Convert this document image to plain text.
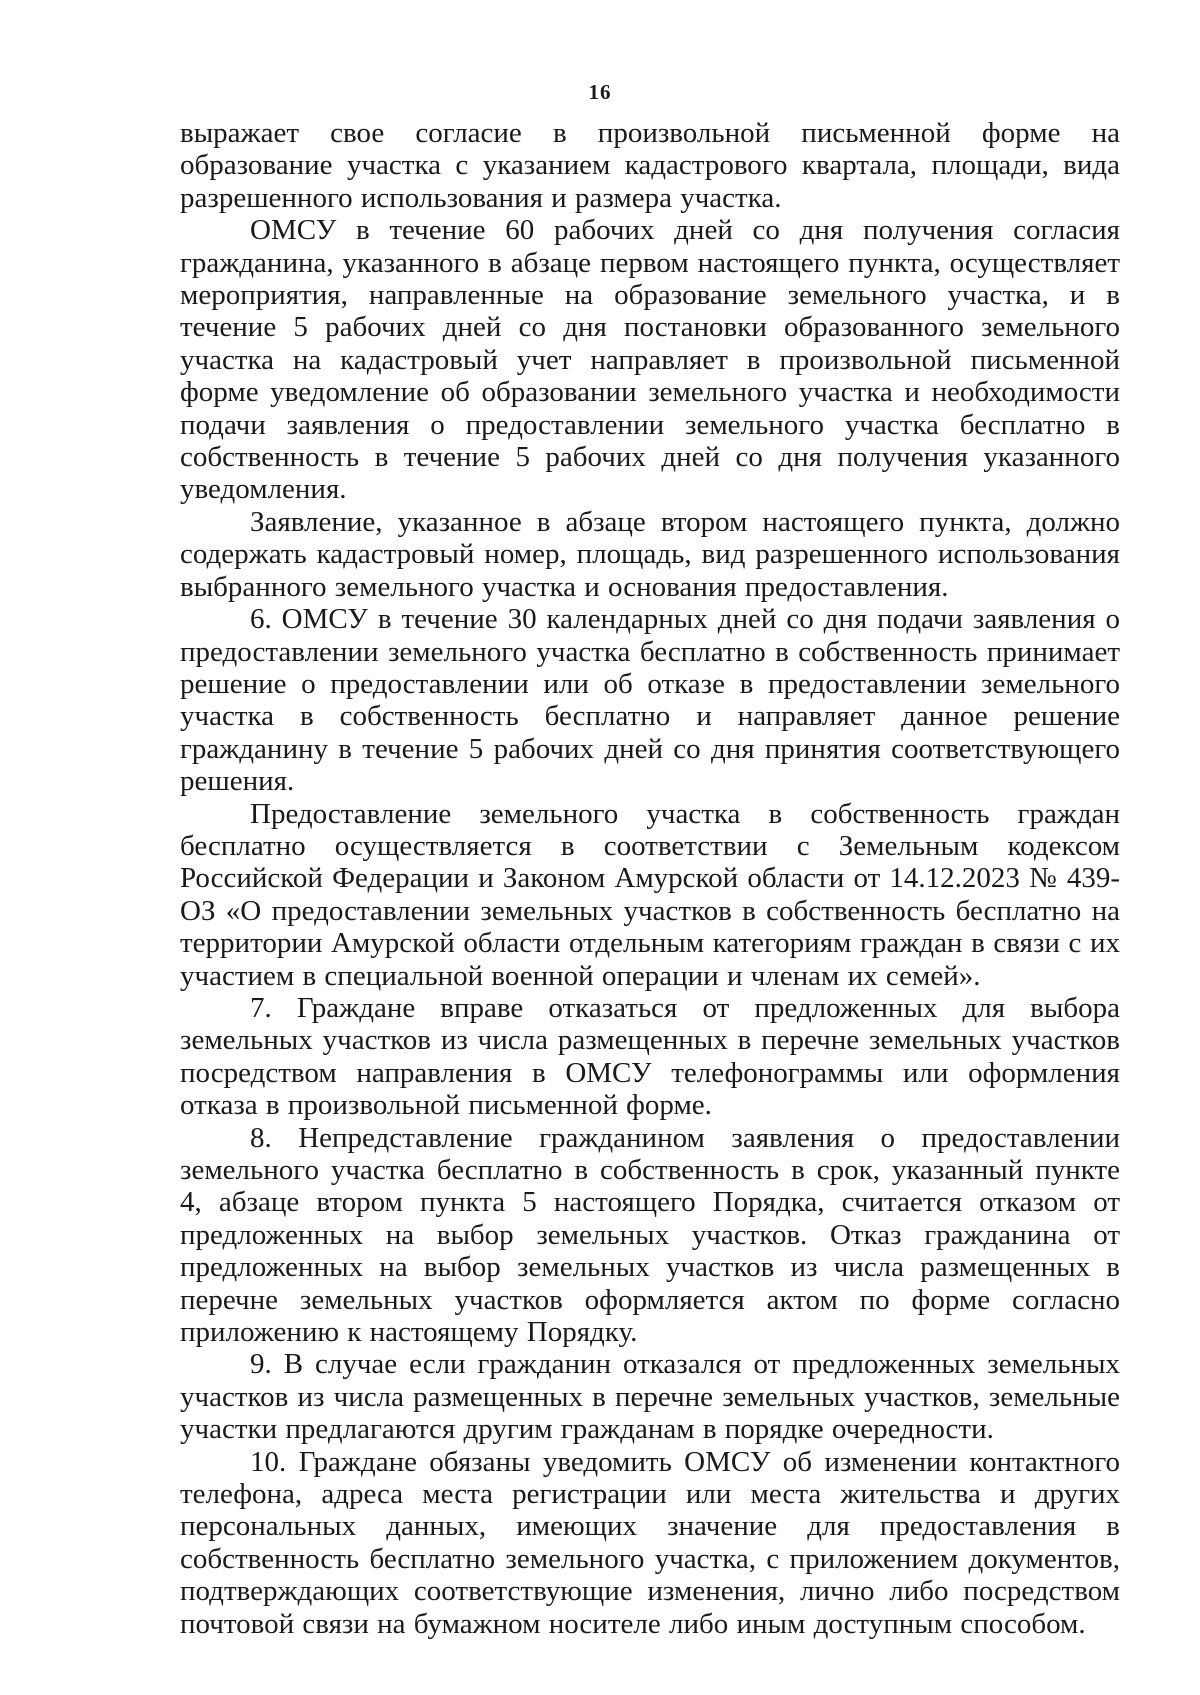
16

выражает свое согласие в произвольной письменной форме на образование участка с указанием кадастрового квартала, площади, вида разрешенного использования и размера участка.

ОМСУ в течение 60 рабочих дней со дня получения согласия гражданина, указанного в абзаце первом настоящего пункта, осуществляет мероприятия, направленные на образование земельного участка, и в течение 5 рабочих дней со дня постановки образованного земельного участка на кадастровый учет направляет в произвольной письменной форме уведомление об образовании земельного участка и необходимости подачи заявления о предоставлении земельного участка бесплатно в собственность в течение 5 рабочих дней со дня получения указанного уведомления.

Заявление, указанное в абзаце втором настоящего пункта, должно содержать кадастровый номер, площадь, вид разрешенного использования выбранного земельного участка и основания предоставления.

6. ОМСУ в течение 30 календарных дней со дня подачи заявления о предоставлении земельного участка бесплатно в собственность принимает решение о предоставлении или об отказе в предоставлении земельного участка в собственность бесплатно и направляет данное решение гражданину в течение 5 рабочих дней со дня принятия соответствующего решения.

Предоставление земельного участка в собственность граждан бесплатно осуществляется в соответствии с Земельным кодексом Российской Федерации и Законом Амурской области от 14.12.2023 № 439-ОЗ «О предоставлении земельных участков в собственность бесплатно на территории Амурской области отдельным категориям граждан в связи с их участием в специальной военной операции и членам их семей».

7. Граждане вправе отказаться от предложенных для выбора земельных участков из числа размещенных в перечне земельных участков посредством направления в ОМСУ телефонограммы или оформления отказа в произвольной письменной форме.

8. Непредставление гражданином заявления о предоставлении земельного участка бесплатно в собственность в срок, указанный пункте 4, абзаце втором пункта 5 настоящего Порядка, считается отказом от предложенных на выбор земельных участков. Отказ гражданина от предложенных на выбор земельных участков из числа размещенных в перечне земельных участков оформляется актом по форме согласно приложению к настоящему Порядку.

9. В случае если гражданин отказался от предложенных земельных участков из числа размещенных в перечне земельных участков, земельные участки предлагаются другим гражданам в порядке очередности.

10. Граждане обязаны уведомить ОМСУ об изменении контактного телефона, адреса места регистрации или места жительства и других персональных данных, имеющих значение для предоставления в собственность бесплатно земельного участка, с приложением документов, подтверждающих соответствующие изменения, лично либо посредством почтовой связи на бумажном носителе либо иным доступным способом.
